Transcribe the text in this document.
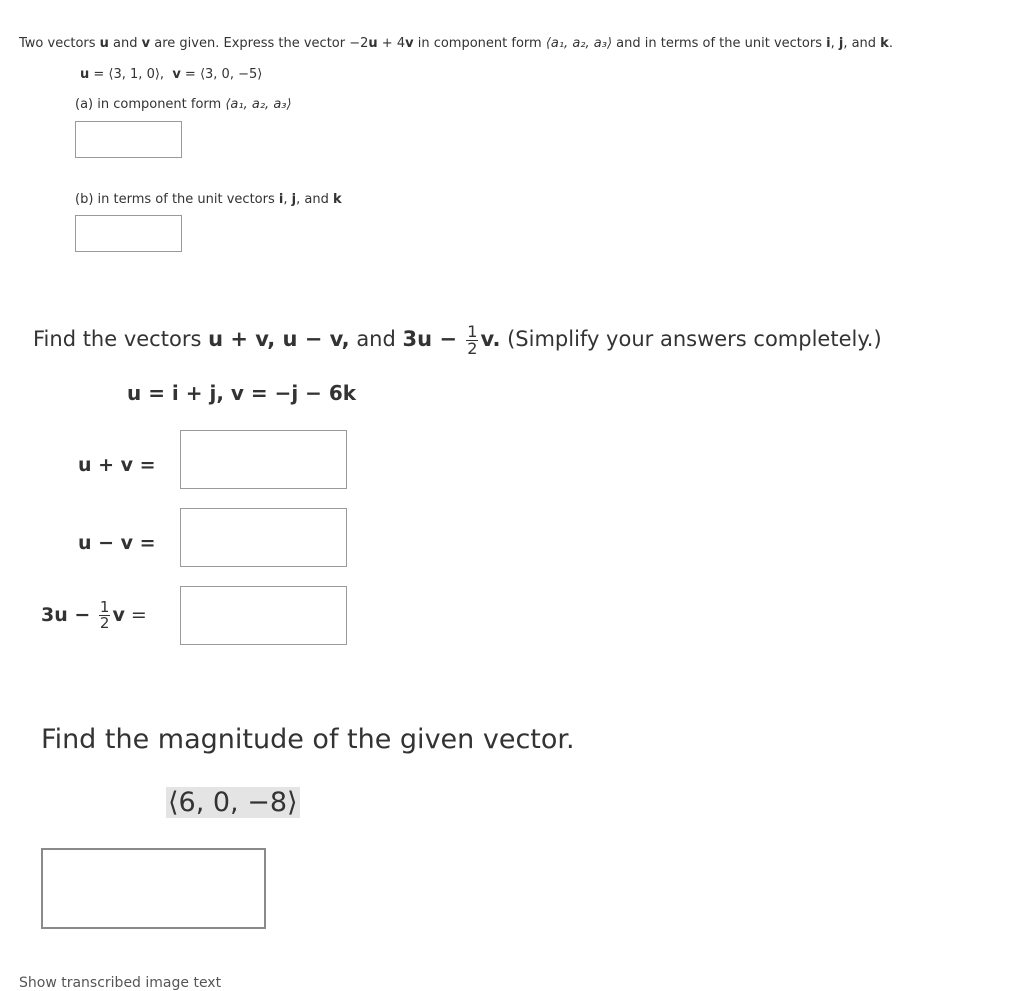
Two vectors u and v are given. Express the vector −2u + 4v in component form ⟨a₁, a₂, a₃⟩ and in terms of the unit vectors i, j, and k.
u = ⟨3, 1, 0⟩, v = ⟨3, 0, −5⟩
(a) in component form ⟨a₁, a₂, a₃⟩
(b) in terms of the unit vectors i, j, and k
Find the vectors u + v, u − v, and $3u - \frac{1}{2} v$. (Simplify your answers completely.)
u = i + j, v = −j − 6k
u + v =
u − v =
$3u - \frac{1}{2}$ v =
Find the magnitude of the given vector.
⟨6, 0, −8⟩
Show transcribed image text
